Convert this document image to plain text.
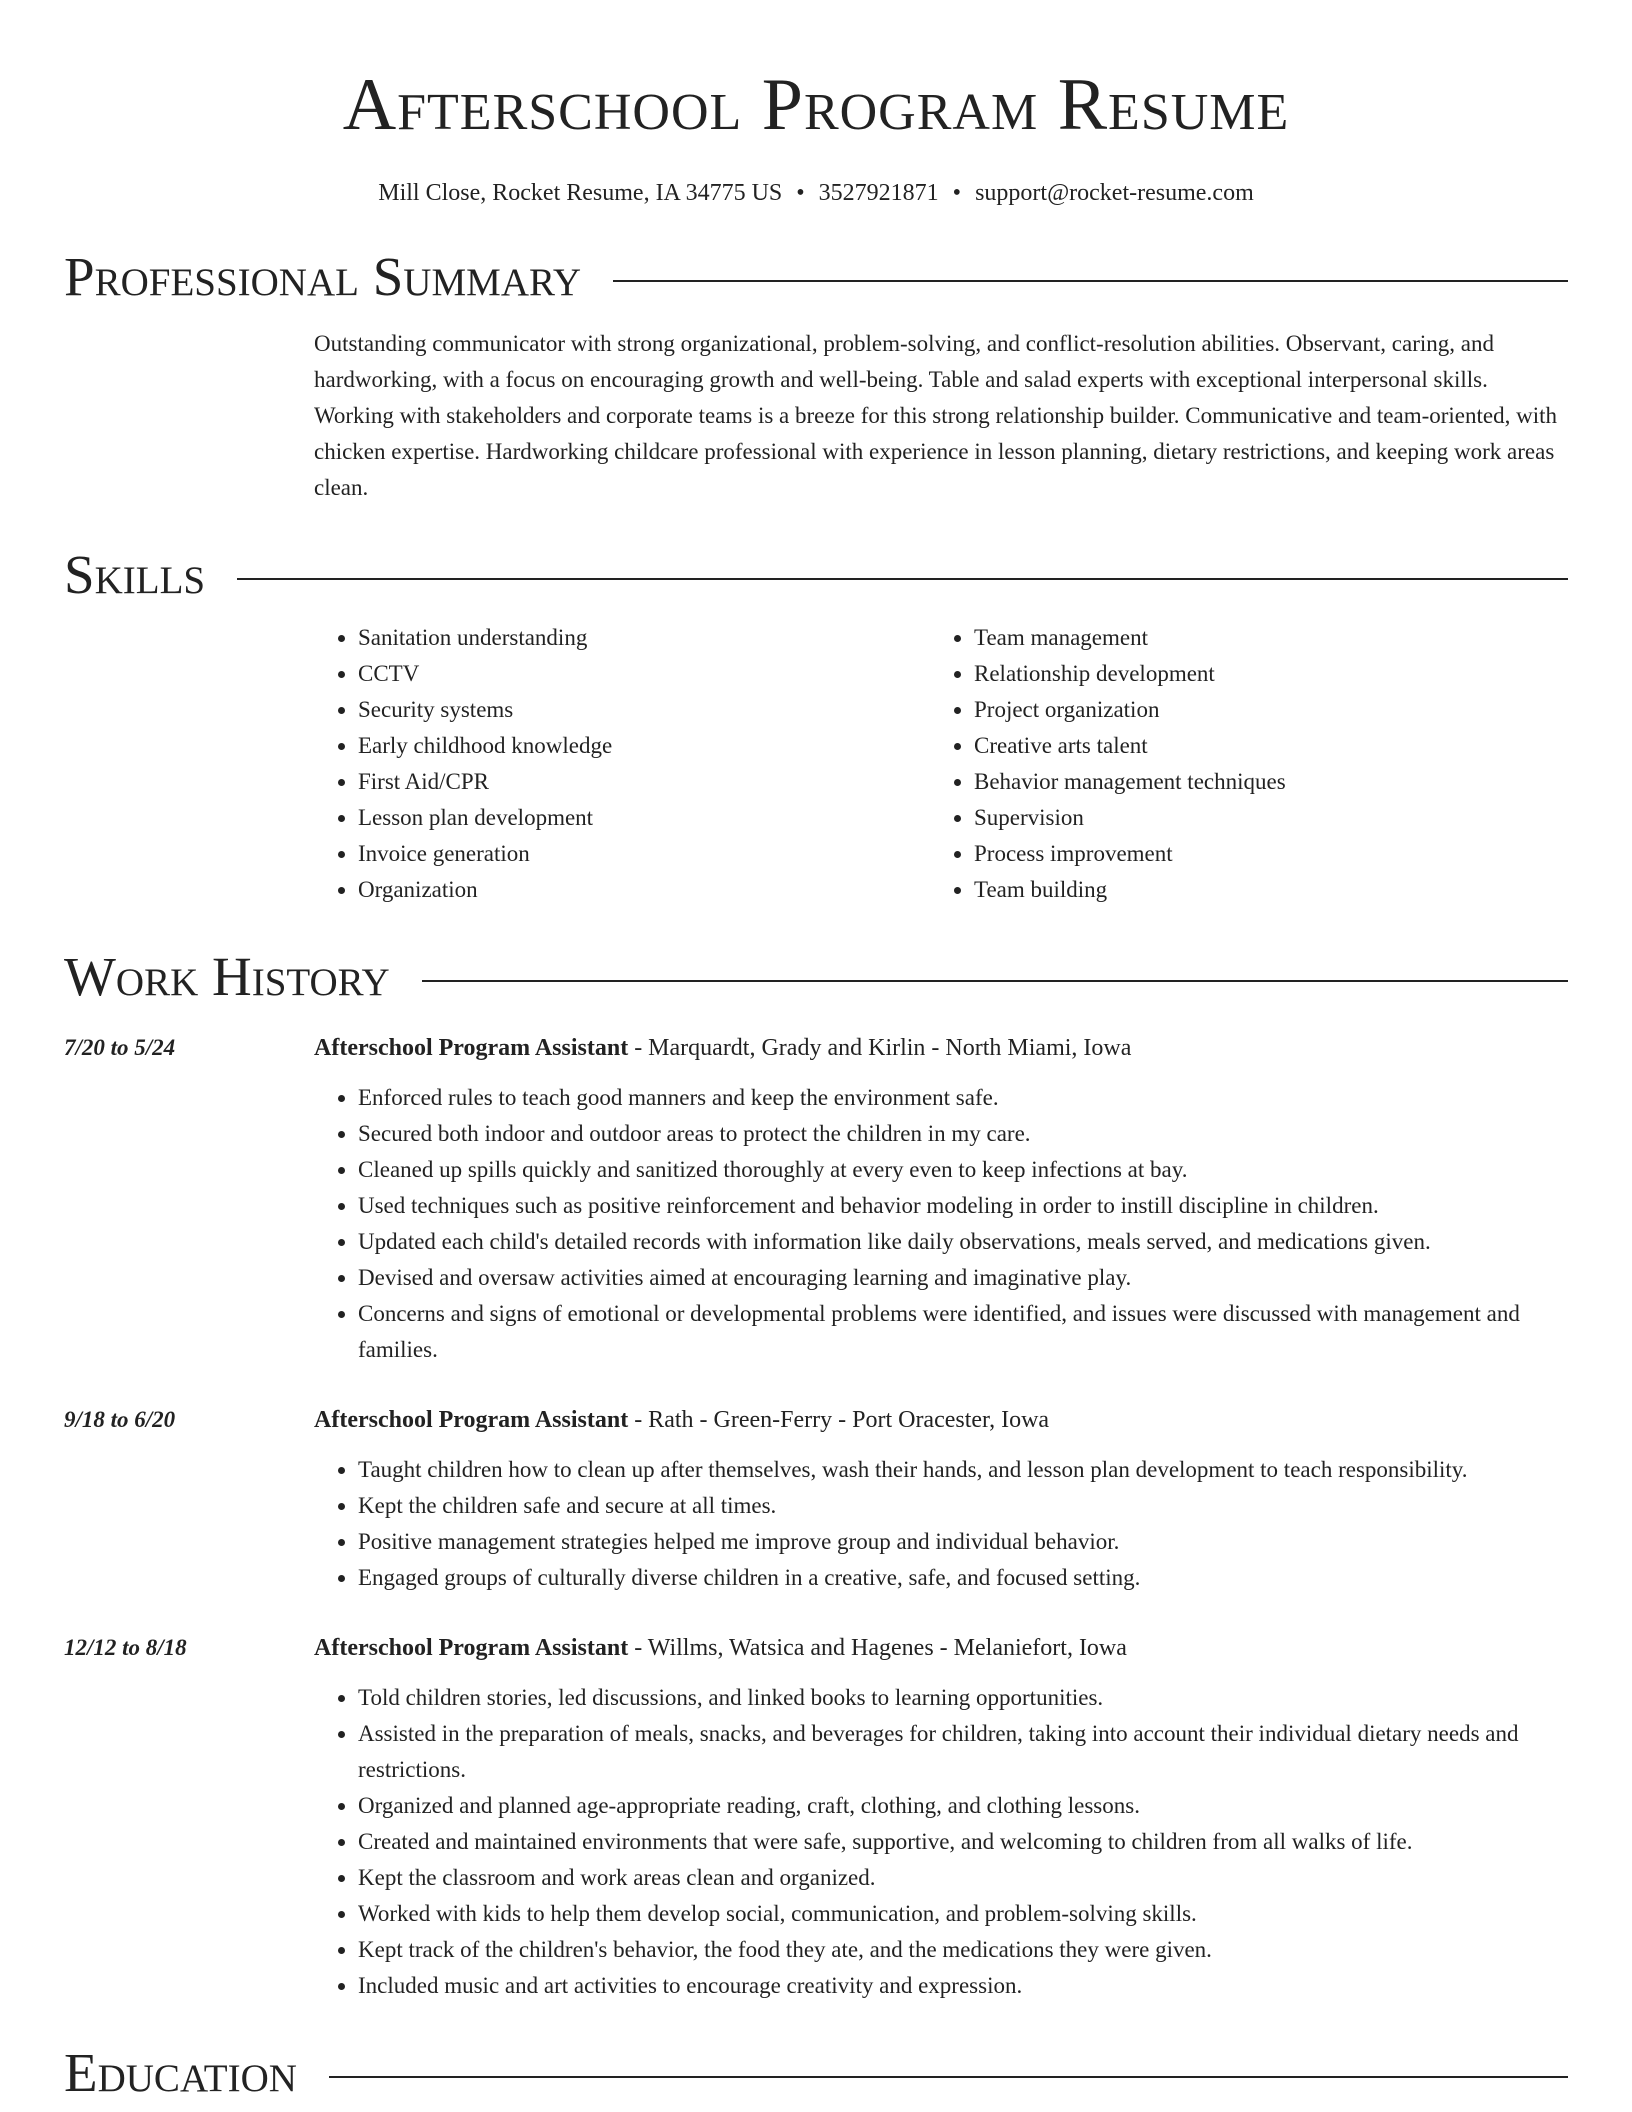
Afterschool Program Resume
Mill Close, Rocket Resume, IA 34775 US • 3527921871 • support@rocket-resume.com
Professional Summary
Outstanding communicator with strong organizational, problem-solving, and conflict-resolution abilities. Observant, caring, and hardworking, with a focus on encouraging growth and well-being. Table and salad experts with exceptional interpersonal skills. Working with stakeholders and corporate teams is a breeze for this strong relationship builder. Communicative and team-oriented, with chicken expertise. Hardworking childcare professional with experience in lesson planning, dietary restrictions, and keeping work areas clean.
Skills
• Sanitation understanding
• CCTV
• Security systems
• Early childhood knowledge
• First Aid/CPR
• Lesson plan development
• Invoice generation
• Organization
• Team management
• Relationship development
• Project organization
• Creative arts talent
• Behavior management techniques
• Supervision
• Process improvement
• Team building
Work History
7/20 to 5/24	Afterschool Program Assistant - Marquardt, Grady and Kirlin - North Miami, Iowa
• Enforced rules to teach good manners and keep the environment safe.
• Secured both indoor and outdoor areas to protect the children in my care.
• Cleaned up spills quickly and sanitized thoroughly at every even to keep infections at bay.
• Used techniques such as positive reinforcement and behavior modeling in order to instill discipline in children.
• Updated each child's detailed records with information like daily observations, meals served, and medications given.
• Devised and oversaw activities aimed at encouraging learning and imaginative play.
• Concerns and signs of emotional or developmental problems were identified, and issues were discussed with management and families.
9/18 to 6/20	Afterschool Program Assistant - Rath - Green-Ferry - Port Oracester, Iowa
• Taught children how to clean up after themselves, wash their hands, and lesson plan development to teach responsibility.
• Kept the children safe and secure at all times.
• Positive management strategies helped me improve group and individual behavior.
• Engaged groups of culturally diverse children in a creative, safe, and focused setting.
12/12 to 8/18	Afterschool Program Assistant - Willms, Watsica and Hagenes - Melaniefort, Iowa
• Told children stories, led discussions, and linked books to learning opportunities.
• Assisted in the preparation of meals, snacks, and beverages for children, taking into account their individual dietary needs and restrictions.
• Organized and planned age-appropriate reading, craft, clothing, and clothing lessons.
• Created and maintained environments that were safe, supportive, and welcoming to children from all walks of life.
• Kept the classroom and work areas clean and organized.
• Worked with kids to help them develop social, communication, and problem-solving skills.
• Kept track of the children's behavior, the food they ate, and the medications they were given.
• Included music and art activities to encourage creativity and expression.
Education
